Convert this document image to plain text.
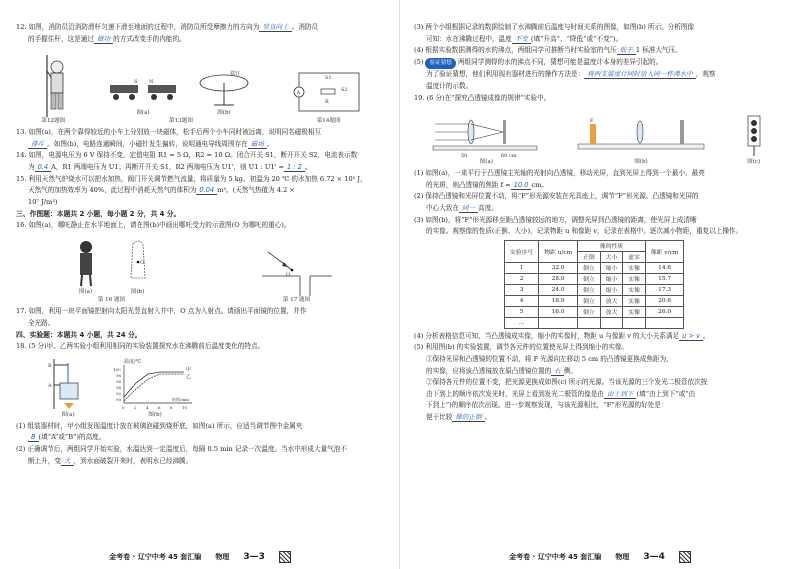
12. 如图，消防员沿消防滑杆匀速下滑至地面的过程中，消防员所受摩擦力的方向为 竖直向上 。消防员
的手握住杆，这是通过 做功 的方式改变手的内能的。
第12题图
S N
图(a)
铁钉
图(b)
第13题图
A
S1
S2
R
第14题图
13. 如图(a)，在两个靠得较近的小车上分别放一块磁体，松手后两个小车同时被远离，说明同名磁极相互
排斥 。如图(b)，电路连通瞬间，小磁针发生偏转，说明通电导线周围存在 磁场 。
14. 如图，电源电压为 6 V 保持不变，定值电阻 R1 = 5 Ω，R2 = 10 Ω。闭合开关 S1，断开开关 S2，电流表示数
为 0.4 A，R1 两端电压为 U1；再断开开关 S1，R2 两端电压为 U1'，则 U1 : U1' = 1 : 2 。
15. 利用天然气炉烧水可以把水加热，阀门开关调节燃气流量，将质量为 5 kg、初温为 20 ℃ 的水加热 6.72 × 10⁵ J，
天然气的加热效率为 40%，此过程中消耗天然气的体积为 0.04 m³。(天然气热值为 4.2 ×
10⁷ J/m³)
三、作图题：本题共 2 小题，每小题 2 分，共 4 分。
16. 如图(a)，哪吒静止在水平地面上，请在图(b)中画出哪吒受力的示意图(O 为哪吒的重心)。
图(a)
O
图(b)
第 16 题图
O
第 17 题图
17. 如图，利用一块平面镜把射向太阳光竖直射入井中，O 点为入射点。请画出平面镜的位置，并作
全光路。
四、实验题：本题共 4 小题，共 24 分。
18. (5 分)甲、乙两实验小组利用相同的实验装置探究水在沸腾前后温度变化的特点。
B
A
图(a)
温度/℃
100
98
96
94
92
90
0 2 4 6 8 10
时间/min
甲
乙
图(b)
(1) 组装器材时，甲小组发现温度计放在玻璃泡碰到烧杯底，如图(a) 所示，应适当调节图中金属夹
B (填“A”或“B”)的高度。
(2) 正确调节后，两组同学开始实验，水温达到一定温度后，每隔 0.5 min 记录一次温度。当水中形成大量气泡不
断上升，变 大 ，到水面破裂开来时，表明水已经沸腾。
金考卷 · 辽宁中考 45 套汇编 物理 3—3
(3) 两个小组根据记录的数据绘制了水沸腾前后温度与时间关系的图像，如图(b) 所示。分析图像
可知：水在沸腾过程中，温度 不变 (填“升高”、“降低”或“不变”)。
(4) 根据实验数据测得的水的沸点，两组同学可推断当时实验室的气压 低于 1 标准大气压。
(5) 验证猜想 两组同学测得的水的沸点不同，猜想可能是温度计本身的差异引起的。
为了验证猜想，他们利用现有器材进行的操作方法是： 将两支温度计同时放入同一杯沸水中 ，观察
温度计的示数。
19. (6 分)在“探究凸透镜成像的规律”实验中。
50	60 cm
图(a)
F
图(b)	图(c)
(1) 如图(a)，一束平行于凸透镜主光轴的光射向凸透镜，移动光屏，直到光屏上得到一个最小、最亮
的光斑，则凸透镜的焦距 f = 10.0 cm。
(2) 保持凸透镜和光屏位置不动，将“F”形光源安装在光具座上，调节“F”形光源、凸透镜和光屏的
中心大致在 同一 高度。
(3) 如图(b)，将“F”形光源移至距凸透镜较远的地方，调整光屏到凸透镜的距离，使光屏上成清晰
的实像。观察像的性质(正倒、大小)，记录物距 u 和像距 v，记录在表格中。逐次减小物距，重复以上操作。
实验序号	物距 u/cm	像的性质			像距 v/cm
		正倒	大小	虚实	
1	32.0	倒立	缩小	实像	14.6
2	28.0	倒立	缩小	实像	15.7
3	24.0	倒立	缩小	实像	17.3
4	18.0	倒立	放大	实像	20.6
5	16.0	倒立	放大	实像	26.0
…					
(4) 分析表格信息可知，当凸透镜成实像，缩小的实像时，物距 u 与像距 v 的大小关系满足 u > v 。
(5) 利用图(b) 的实验装置，调节各元件的位置使光屏上得到缩小的实像。
①保持光屏和凸透镜的位置不动，将 F 光源向左移动 5 cm 的凸透镜更换成焦距为，
的实像，应将该凸透镜放在原凸透镜位置的 右 侧。
②保持各元件的位置不变，把光源更换成如图(c) 所示的光源。当该光源的三个发光二极管依次按
由下到上的顺序依次发光时，光屏上看到发光二极管的像是由 由上到下 (填“由上到下”或“由
下到上”)的顺序依次出现。进一步观察发现，与该光源相比，“F”形光源的好处是：
便于比较 像的正倒 。
金考卷 · 辽宁中考 45 套汇编 物理 3—4
